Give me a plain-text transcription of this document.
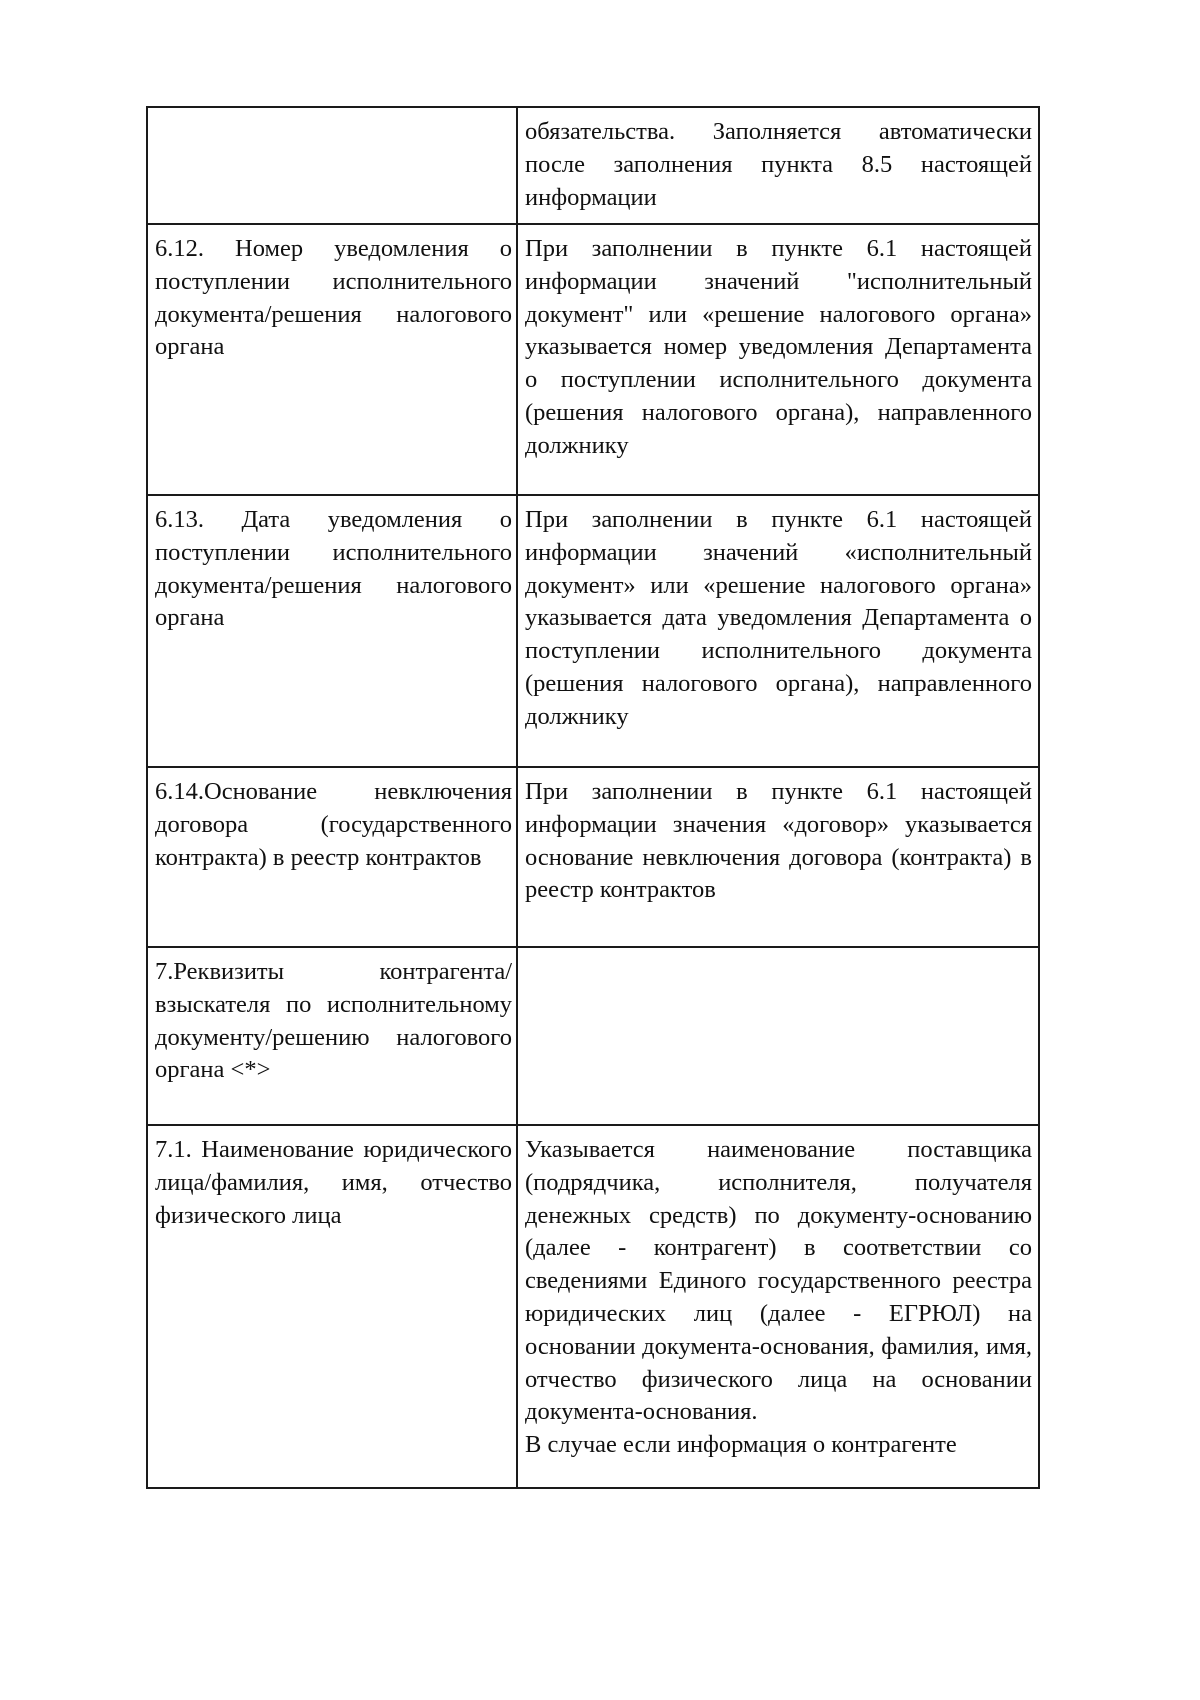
	обязательства. Заполняется автоматически после заполнения пункта 8.5 настоящей информации

6.12. Номер уведомления о поступлении исполнительного документа/решения налогового органа	При заполнении в пункте 6.1 настоящей информации значений "исполнительный документ" или «решение налогового органа» указывается номер уведомления Департамента о поступлении исполнительного документа (решения налогового органа), направленного должнику

6.13. Дата уведомления о поступлении исполнительного документа/решения налогового органа	При заполнении в пункте 6.1 настоящей информации значений «исполнительный документ» или «решение налогового органа» указывается дата уведомления Департамента о поступлении исполнительного документа (решения налогового органа), направленного должнику

6.14.Основание невключения договора (государственного контракта) в реестр контрактов	При заполнении в пункте 6.1 настоящей информации значения «договор» указывается основание невключения договора (контракта) в реестр контрактов

7.Реквизиты контрагента/взыскателя по исполнительному документу/решению налогового органа <*>	

7.1. Наименование юридического лица/фамилия, имя, отчество физического лица	Указывается наименование поставщика (подрядчика, исполнителя, получателя денежных средств) по документу-основанию (далее - контрагент) в соответствии со сведениями Единого государственного реестра юридических лиц (далее - ЕГРЮЛ) на основании документа-основания, фамилия, имя, отчество физического лица на основании документа-основания.
В случае если информация о контрагенте
